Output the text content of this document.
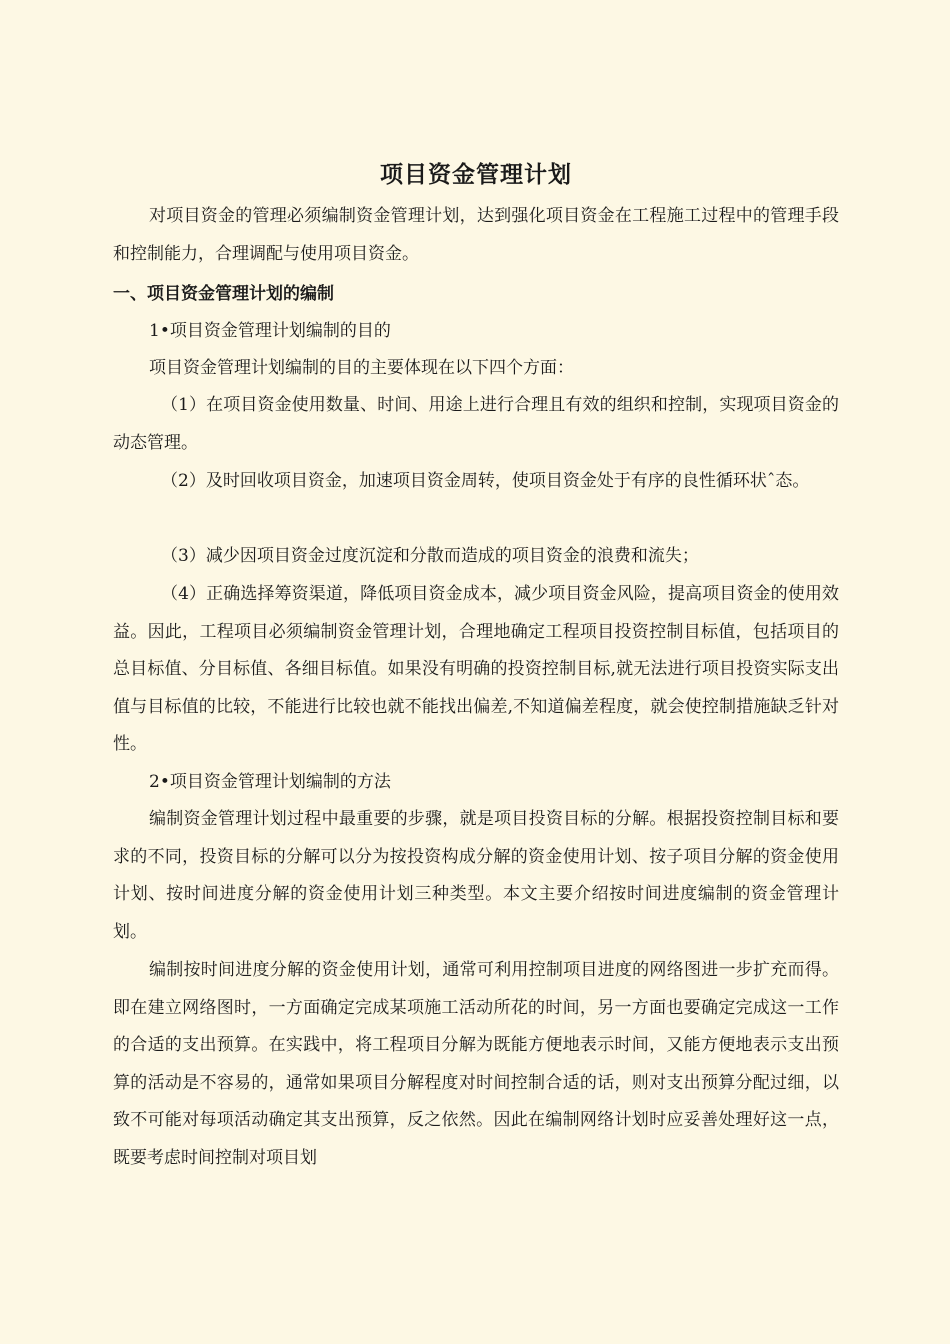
项目资金管理计划

对项目资金的管理必须编制资金管理计划，达到强化项目资金在工程施工过程中的管理手段和控制能力，合理调配与使用项目资金。

一、项目资金管理计划的编制
1•项目资金管理计划编制的目的

项目资金管理计划编制的目的主要体现在以下四个方面：

（1）在项目资金使用数量、时间、用途上进行合理且有效的组织和控制，实现项目资金的动态管理。

（2）及时回收项目资金，加速项目资金周转，使项目资金处于有序的良性循环状ˆ态。

（3）减少因项目资金过度沉淀和分散而造成的项目资金的浪费和流失；

（4）正确选择筹资渠道，降低项目资金成本，减少项目资金风险，提高项目资金的使用效益。因此，工程项目必须编制资金管理计划，合理地确定工程项目投资控制目标值，包括项目的总目标值、分目标值、各细目标值。如果没有明确的投资控制目标,就无法进行项目投资实际支出值与目标值的比较，不能进行比较也就不能找出偏差,不知道偏差程度，就会使控制措施缺乏针对性。

2•项目资金管理计划编制的方法

编制资金管理计划过程中最重要的步骤，就是项目投资目标的分解。根据投资控制目标和要求的不同，投资目标的分解可以分为按投资构成分解的资金使用计划、按子项目分解的资金使用计划、按时间进度分解的资金使用计划三种类型。本文主要介绍按时间进度编制的资金管理计划。

编制按时间进度分解的资金使用计划，通常可利用控制项目进度的网络图进一步扩充而得。即在建立网络图时，一方面确定完成某项施工活动所花的时间，另一方面也要确定完成这一工作的合适的支出预算。在实践中，将工程项目分解为既能方便地表示时间，又能方便地表示支出预算的活动是不容易的，通常如果项目分解程度对时间控制合适的话，则对支出预算分配过细，以致不可能对每项活动确定其支出预算，反之依然。因此在编制网络计划时应妥善处理好这一点，既要考虑时间控制对项目划
